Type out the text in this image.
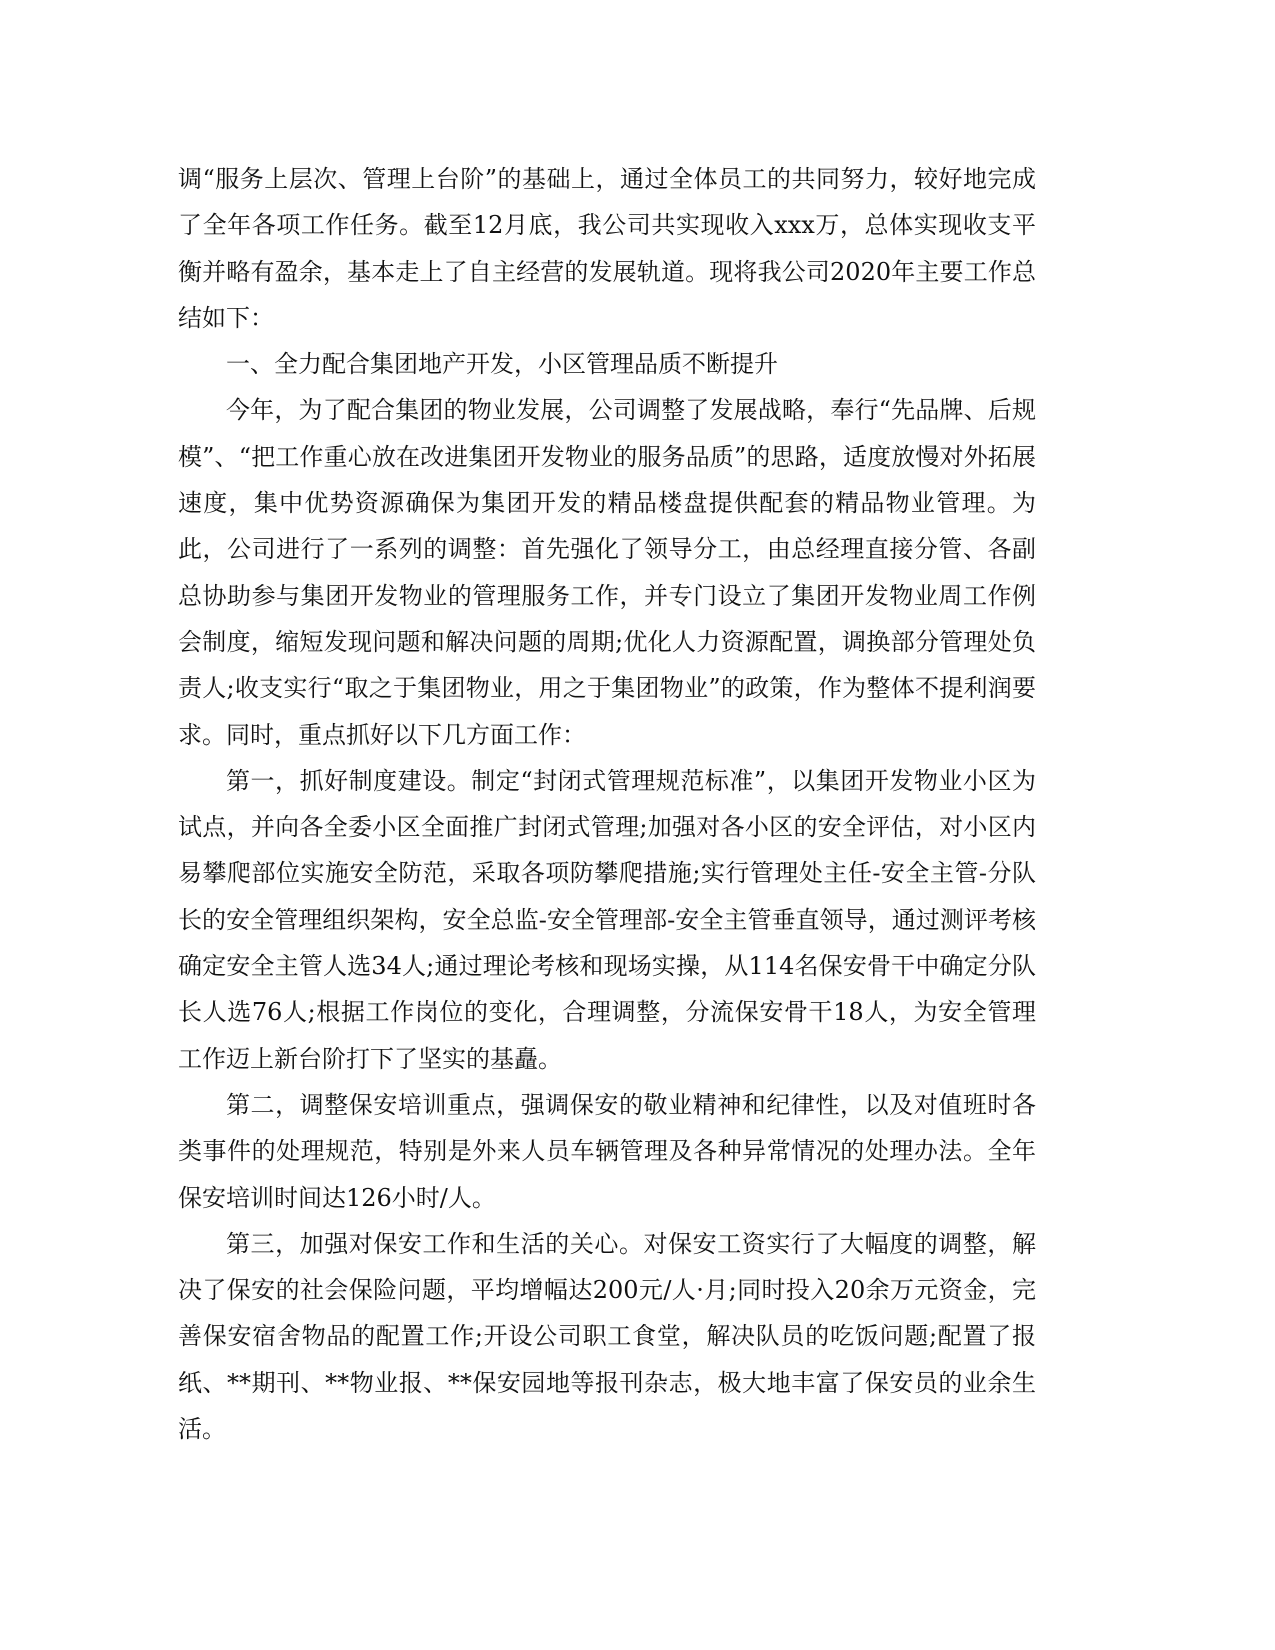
调“服务上层次、管理上台阶”的基础上，通过全体员工的共同努力，较好地完成了全年各项工作任务。截至12月底，我公司共实现收入xxx万，总体实现收支平衡并略有盈余，基本走上了自主经营的发展轨道。现将我公司2020年主要工作总结如下：

一、全力配合集团地产开发，小区管理品质不断提升

今年，为了配合集团的物业发展，公司调整了发展战略，奉行“先品牌、后规模”、“把工作重心放在改进集团开发物业的服务品质”的思路，适度放慢对外拓展速度，集中优势资源确保为集团开发的精品楼盘提供配套的精品物业管理。为此，公司进行了一系列的调整：首先强化了领导分工，由总经理直接分管、各副总协助参与集团开发物业的管理服务工作，并专门设立了集团开发物业周工作例会制度，缩短发现问题和解决问题的周期;优化人力资源配置，调换部分管理处负责人;收支实行“取之于集团物业，用之于集团物业”的政策，作为整体不提利润要求。同时，重点抓好以下几方面工作：

第一，抓好制度建设。制定“封闭式管理规范标准”，以集团开发物业小区为试点，并向各全委小区全面推广封闭式管理;加强对各小区的安全评估，对小区内易攀爬部位实施安全防范，采取各项防攀爬措施;实行管理处主任-安全主管-分队长的安全管理组织架构，安全总监-安全管理部-安全主管垂直领导，通过测评考核确定安全主管人选34人;通过理论考核和现场实操，从114名保安骨干中确定分队长人选76人;根据工作岗位的变化，合理调整，分流保安骨干18人，为安全管理工作迈上新台阶打下了坚实的基矗。

第二，调整保安培训重点，强调保安的敬业精神和纪律性，以及对值班时各类事件的处理规范，特别是外来人员车辆管理及各种异常情况的处理办法。全年保安培训时间达126小时/人。

第三，加强对保安工作和生活的关心。对保安工资实行了大幅度的调整，解决了保安的社会保险问题，平均增幅达200元/人·月;同时投入20余万元资金，完善保安宿舍物品的配置工作;开设公司职工食堂，解决队员的吃饭问题;配置了报纸、**期刊、**物业报、**保安园地等报刊杂志，极大地丰富了保安员的业余生活。
